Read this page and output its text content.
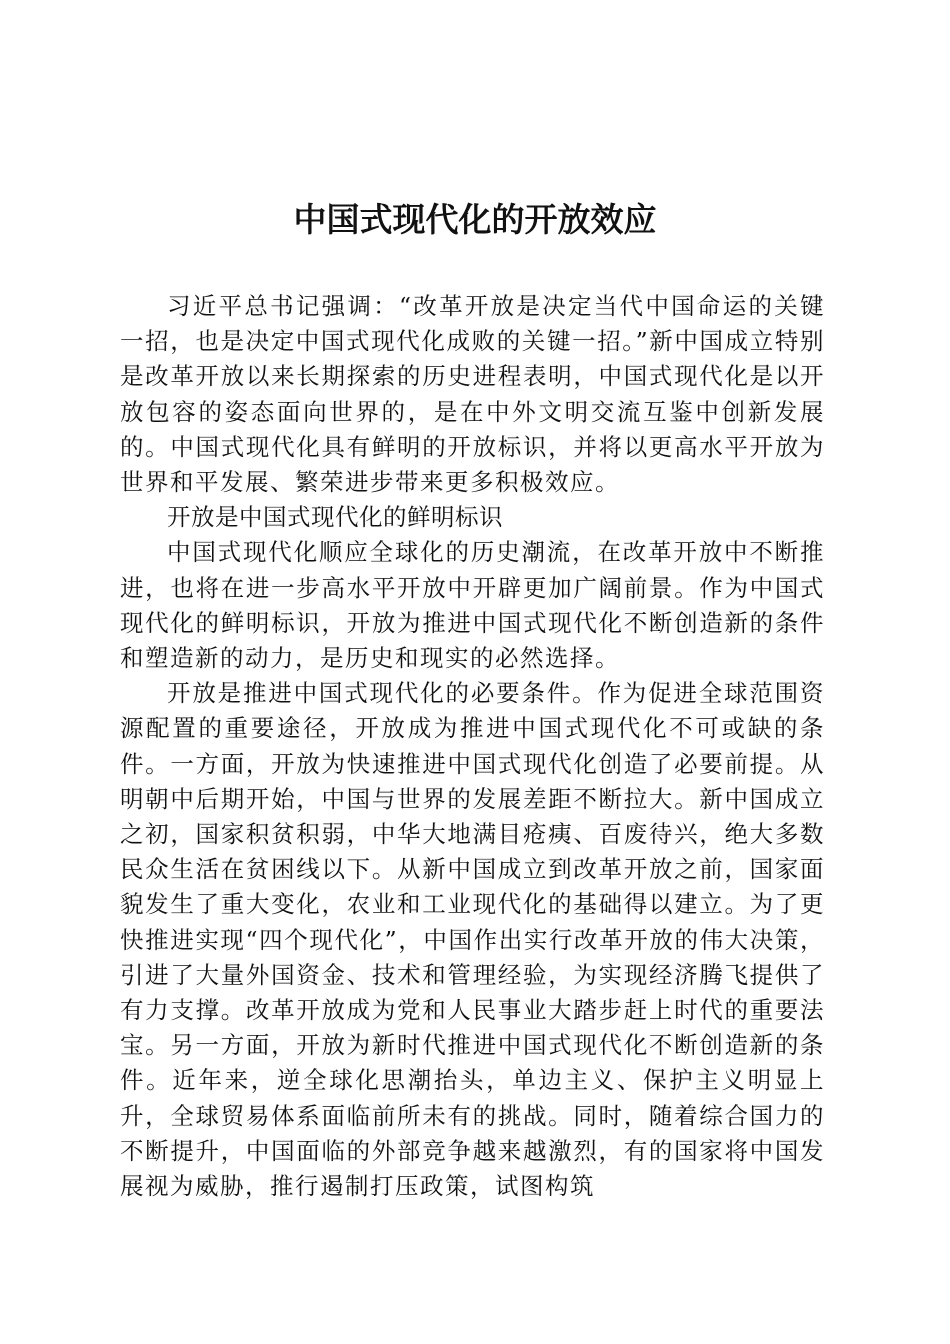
中国式现代化的开放效应

习近平总书记强调：“改革开放是决定当代中国命运的关键一招，也是决定中国式现代化成败的关键一招。”新中国成立特别是改革开放以来长期探索的历史进程表明，中国式现代化是以开放包容的姿态面向世界的，是在中外文明交流互鉴中创新发展的。中国式现代化具有鲜明的开放标识，并将以更高水平开放为世界和平发展、繁荣进步带来更多积极效应。

开放是中国式现代化的鲜明标识

中国式现代化顺应全球化的历史潮流，在改革开放中不断推进，也将在进一步高水平开放中开辟更加广阔前景。作为中国式现代化的鲜明标识，开放为推进中国式现代化不断创造新的条件和塑造新的动力，是历史和现实的必然选择。

开放是推进中国式现代化的必要条件。作为促进全球范围资源配置的重要途径，开放成为推进中国式现代化不可或缺的条件。一方面，开放为快速推进中国式现代化创造了必要前提。从明朝中后期开始，中国与世界的发展差距不断拉大。新中国成立之初，国家积贫积弱，中华大地满目疮痍、百废待兴，绝大多数民众生活在贫困线以下。从新中国成立到改革开放之前，国家面貌发生了重大变化，农业和工业现代化的基础得以建立。为了更快推进实现“四个现代化”，中国作出实行改革开放的伟大决策，引进了大量外国资金、技术和管理经验，为实现经济腾飞提供了有力支撑。改革开放成为党和人民事业大踏步赶上时代的重要法宝。另一方面，开放为新时代推进中国式现代化不断创造新的条件。近年来，逆全球化思潮抬头，单边主义、保护主义明显上升，全球贸易体系面临前所未有的挑战。同时，随着综合国力的不断提升，中国面临的外部竞争越来越激烈，有的国家将中国发展视为威胁，推行遏制打压政策，试图构筑
